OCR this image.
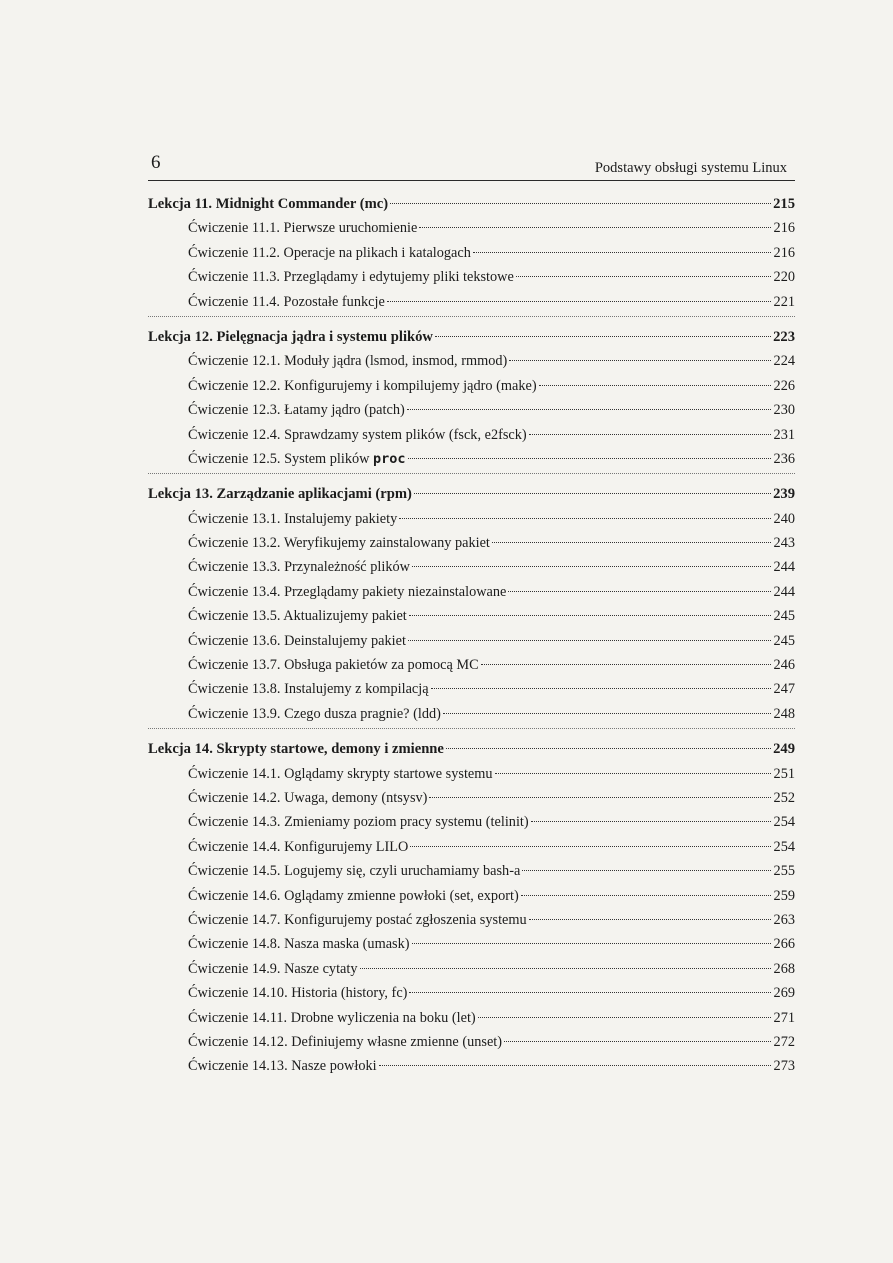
6	Podstawy obsługi systemu Linux
Lekcja 11. Midnight Commander (mc)	215
Ćwiczenie 11.1. Pierwsze uruchomienie	216
Ćwiczenie 11.2. Operacje na plikach i katalogach	216
Ćwiczenie 11.3. Przeglądamy i edytujemy pliki tekstowe	220
Ćwiczenie 11.4. Pozostałe funkcje	221
Lekcja 12. Pielęgnacja jądra i systemu plików	223
Ćwiczenie 12.1. Moduły jądra (lsmod, insmod, rmmod)	224
Ćwiczenie 12.2. Konfigurujemy i kompilujemy jądro (make)	226
Ćwiczenie 12.3. Łatamy jądro (patch)	230
Ćwiczenie 12.4. Sprawdzamy system plików (fsck, e2fsck)	231
Ćwiczenie 12.5. System plików proc	236
Lekcja 13. Zarządzanie aplikacjami (rpm)	239
Ćwiczenie 13.1. Instalujemy pakiety	240
Ćwiczenie 13.2. Weryfikujemy zainstalowany pakiet	243
Ćwiczenie 13.3. Przynależność plików	244
Ćwiczenie 13.4. Przeglądamy pakiety niezainstalowane	244
Ćwiczenie 13.5. Aktualizujemy pakiet	245
Ćwiczenie 13.6. Deinstalujemy pakiet	245
Ćwiczenie 13.7. Obsługa pakietów za pomocą MC	246
Ćwiczenie 13.8. Instalujemy z kompilacją	247
Ćwiczenie 13.9. Czego dusza pragnie? (ldd)	248
Lekcja 14. Skrypty startowe, demony i zmienne	249
Ćwiczenie 14.1. Oglądamy skrypty startowe systemu	251
Ćwiczenie 14.2. Uwaga, demony (ntsysv)	252
Ćwiczenie 14.3. Zmieniamy poziom pracy systemu (telinit)	254
Ćwiczenie 14.4. Konfigurujemy LILO	254
Ćwiczenie 14.5. Logujemy się, czyli uruchamiamy bash-a	255
Ćwiczenie 14.6. Oglądamy zmienne powłoki (set, export)	259
Ćwiczenie 14.7. Konfigurujemy postać zgłoszenia systemu	263
Ćwiczenie 14.8. Nasza maska (umask)	266
Ćwiczenie 14.9. Nasze cytaty	268
Ćwiczenie 14.10. Historia (history, fc)	269
Ćwiczenie 14.11. Drobne wyliczenia na boku (let)	271
Ćwiczenie 14.12. Definiujemy własne zmienne (unset)	272
Ćwiczenie 14.13. Nasze powłoki	273
